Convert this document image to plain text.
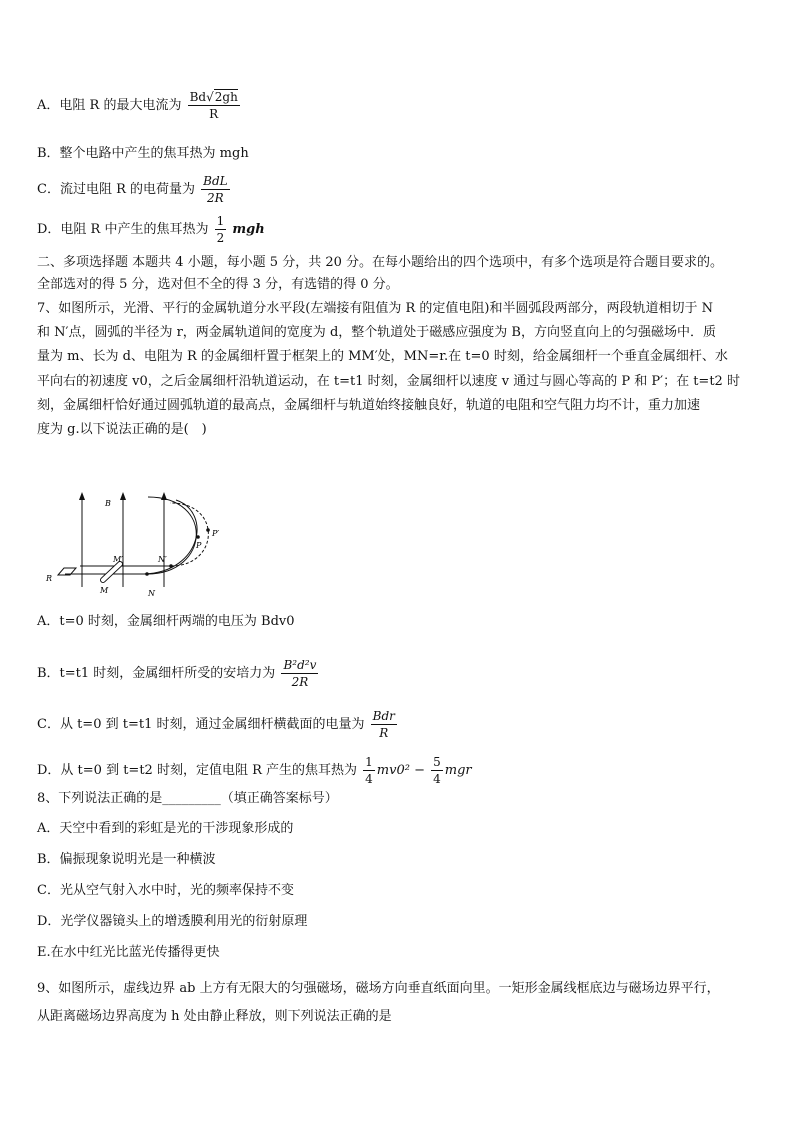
A．电阻 R 的最大电流为 $\frac{Bd√2gh}{R}$
B．整个电路中产生的焦耳热为 mgh
C．流过电阻 R 的电荷量为 $\frac{\text{BdL}}{2R}$
D．电阻 R 中产生的焦耳热为 $\frac{1}{2}$ mgh
二、多项选择题 本题共 4 小题，每小题 5 分，共 20 分。在每小题给出的四个选项中，有多个选项是符合题目要求的。
全部选对的得 5 分，选对但不全的得 3 分，有选错的得 0 分。
7、如图所示，光滑、平行的金属轨道分水平段(左端接有阻值为 R 的定值电阻)和半圆弧段两部分，两段轨道相切于 N
和 N′点，圆弧的半径为 r，两金属轨道间的宽度为 d，整个轨道处于磁感应强度为 B，方向竖直向上的匀强磁场中．质
量为 m、长为 d、电阻为 R 的金属细杆置于框架上的 MM′处，MN=r.在 t=0 时刻，给金属细杆一个垂直金属细杆、水
平向右的初速度 v0，之后金属细杆沿轨道运动，在 t=t1 时刻，金属细杆以速度 v 通过与圆心等高的 P 和 P′；在 t=t2 时
刻，金属细杆恰好通过圆弧轨道的最高点，金属细杆与轨道始终接触良好，轨道的电阻和空气阻力均不计，重力加速
度为 g.以下说法正确的是(　)
B
R
M
M′
N
N′
P
P′
A．t=0 时刻，金属细杆两端的电压为 Bdv0
B．t=t1 时刻，金属细杆所受的安培力为 $\frac{\text{B²d²v}}{2R}$
C．从 t=0 到 t=t1 时刻，通过金属细杆横截面的电量为 $\frac{\text{Bdr}}{R}$
D．从 t=0 到 t=t2 时刻，定值电阻 R 产生的焦耳热为 $\frac{1}{4} mv0^2 - \frac{5}{4}$ mgr
8、下列说法正确的是_________（填正确答案标号）
A．天空中看到的彩虹是光的干涉现象形成的
B．偏振现象说明光是一种横波
C．光从空气射入水中时，光的频率保持不变
D．光学仪器镜头上的增透膜利用光的衍射原理
E.在水中红光比蓝光传播得更快
9、如图所示，虚线边界 ab 上方有无限大的匀强磁场，磁场方向垂直纸面向里。一矩形金属线框底边与磁场边界平行，
从距离磁场边界高度为 h 处由静止释放，则下列说法正确的是
